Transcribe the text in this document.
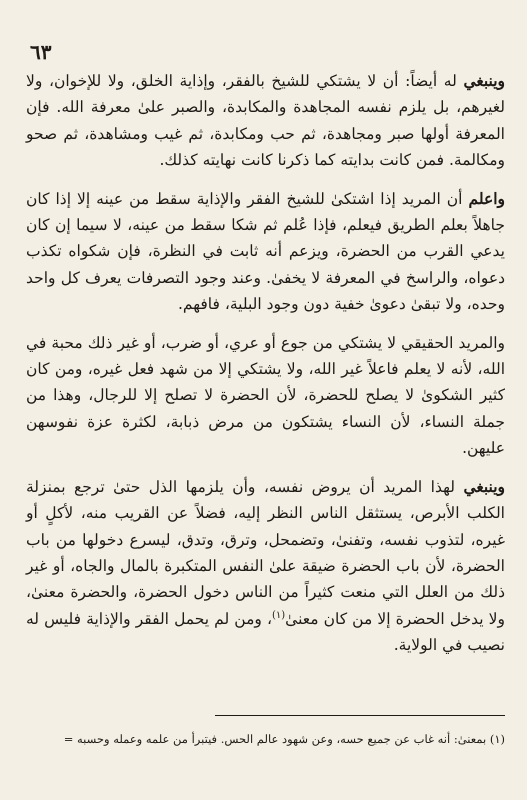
٦٣

وينبغي له أيضاً: أن لا يشتكي للشيخ بالفقر، وإذاية الخلق، ولا للإخوان، ولا لغيرهم، بل يلزم نفسه المجاهدة والمكابدة، والصبر علىٰ معرفة الله. فإن المعرفة أولها صبر ومجاهدة، ثم حب ومكابدة، ثم غيب ومشاهدة، ثم صحو ومكالمة. فمن كانت بدايته كما ذكرنا كانت نهايته كذلك.

واعلم أن المريد إذا اشتكىٰ للشيخ الفقر والإذاية سقط من عينه إلا إذا كان جاهلاً بعلم الطريق فيعلم، فإذا عُلم ثم شكا سقط من عينه، لا سيما إن كان يدعي القرب من الحضرة، ويزعم أنه ثابت في النظرة، فإن شكواه تكذب دعواه، والراسخ في المعرفة لا يخفىٰ. وعند وجود التصرفات يعرف كل واحد وحده، ولا تبقىٰ دعوىٰ خفية دون وجود البلية، فافهم.

والمريد الحقيقي لا يشتكي من جوع أو عري، أو ضرب، أو غير ذلك محبة في الله، لأنه لا يعلم فاعلاً غير الله، ولا يشتكي إلا من شهد فعل غيره، ومن كان كثير الشكوىٰ لا يصلح للحضرة، لأن الحضرة لا تصلح إلا للرجال، وهذا من جملة النساء، لأن النساء يشتكون من مرض ذبابة، لكثرة عزة نفوسهن عليهن.

وينبغي لهذا المريد أن يروض نفسه، وأن يلزمها الذل حتىٰ ترجع بمنزلة الكلب الأبرص، يستثقل الناس النظر إليه، فضلاً عن القريب منه، لأكلٍ أو غيره، لتذوب نفسه، وتفنىٰ، وتضمحل، وترق، وتدق، ليسرع دخولها من باب الحضرة، لأن باب الحضرة ضيقة علىٰ النفس المتكبرة بالمال والجاه، أو غير ذلك من العلل التي منعت كثيراً من الناس دخول الحضرة، والحضرة معنىٰ، ولا يدخل الحضرة إلا من كان معنىٰ$^{(١)}$، ومن لم يحمل الفقر والإذاية فليس له نصيب في الولاية.

(١) بمعنىٰ: أنه غاب عن جميع حسه، وعن شهود عالم الحس. فيتبرأ من علمه وعمله وحسبه =
